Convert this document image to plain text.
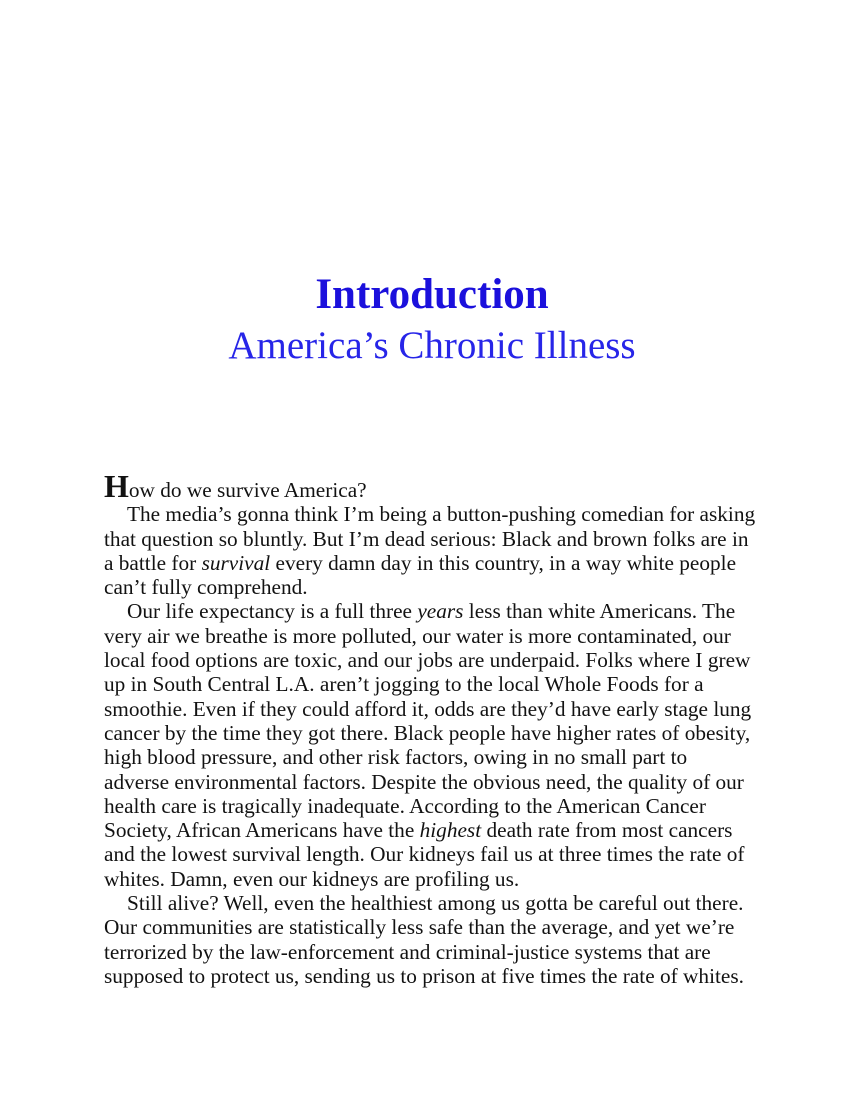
Introduction
America’s Chronic Illness
How do we survive America?
The media’s gonna think I’m being a button-pushing comedian for asking
that question so bluntly. But I’m dead serious: Black and brown folks are in
a battle for survival every damn day in this country, in a way white people
can’t fully comprehend.
Our life expectancy is a full three years less than white Americans. The
very air we breathe is more polluted, our water is more contaminated, our
local food options are toxic, and our jobs are underpaid. Folks where I grew
up in South Central L.A. aren’t jogging to the local Whole Foods for a
smoothie. Even if they could afford it, odds are they’d have early stage lung
cancer by the time they got there. Black people have higher rates of obesity,
high blood pressure, and other risk factors, owing in no small part to
adverse environmental factors. Despite the obvious need, the quality of our
health care is tragically inadequate. According to the American Cancer
Society, African Americans have the highest death rate from most cancers
and the lowest survival length. Our kidneys fail us at three times the rate of
whites. Damn, even our kidneys are profiling us.
Still alive? Well, even the healthiest among us gotta be careful out there.
Our communities are statistically less safe than the average, and yet we’re
terrorized by the law-enforcement and criminal-justice systems that are
supposed to protect us, sending us to prison at five times the rate of whites.
